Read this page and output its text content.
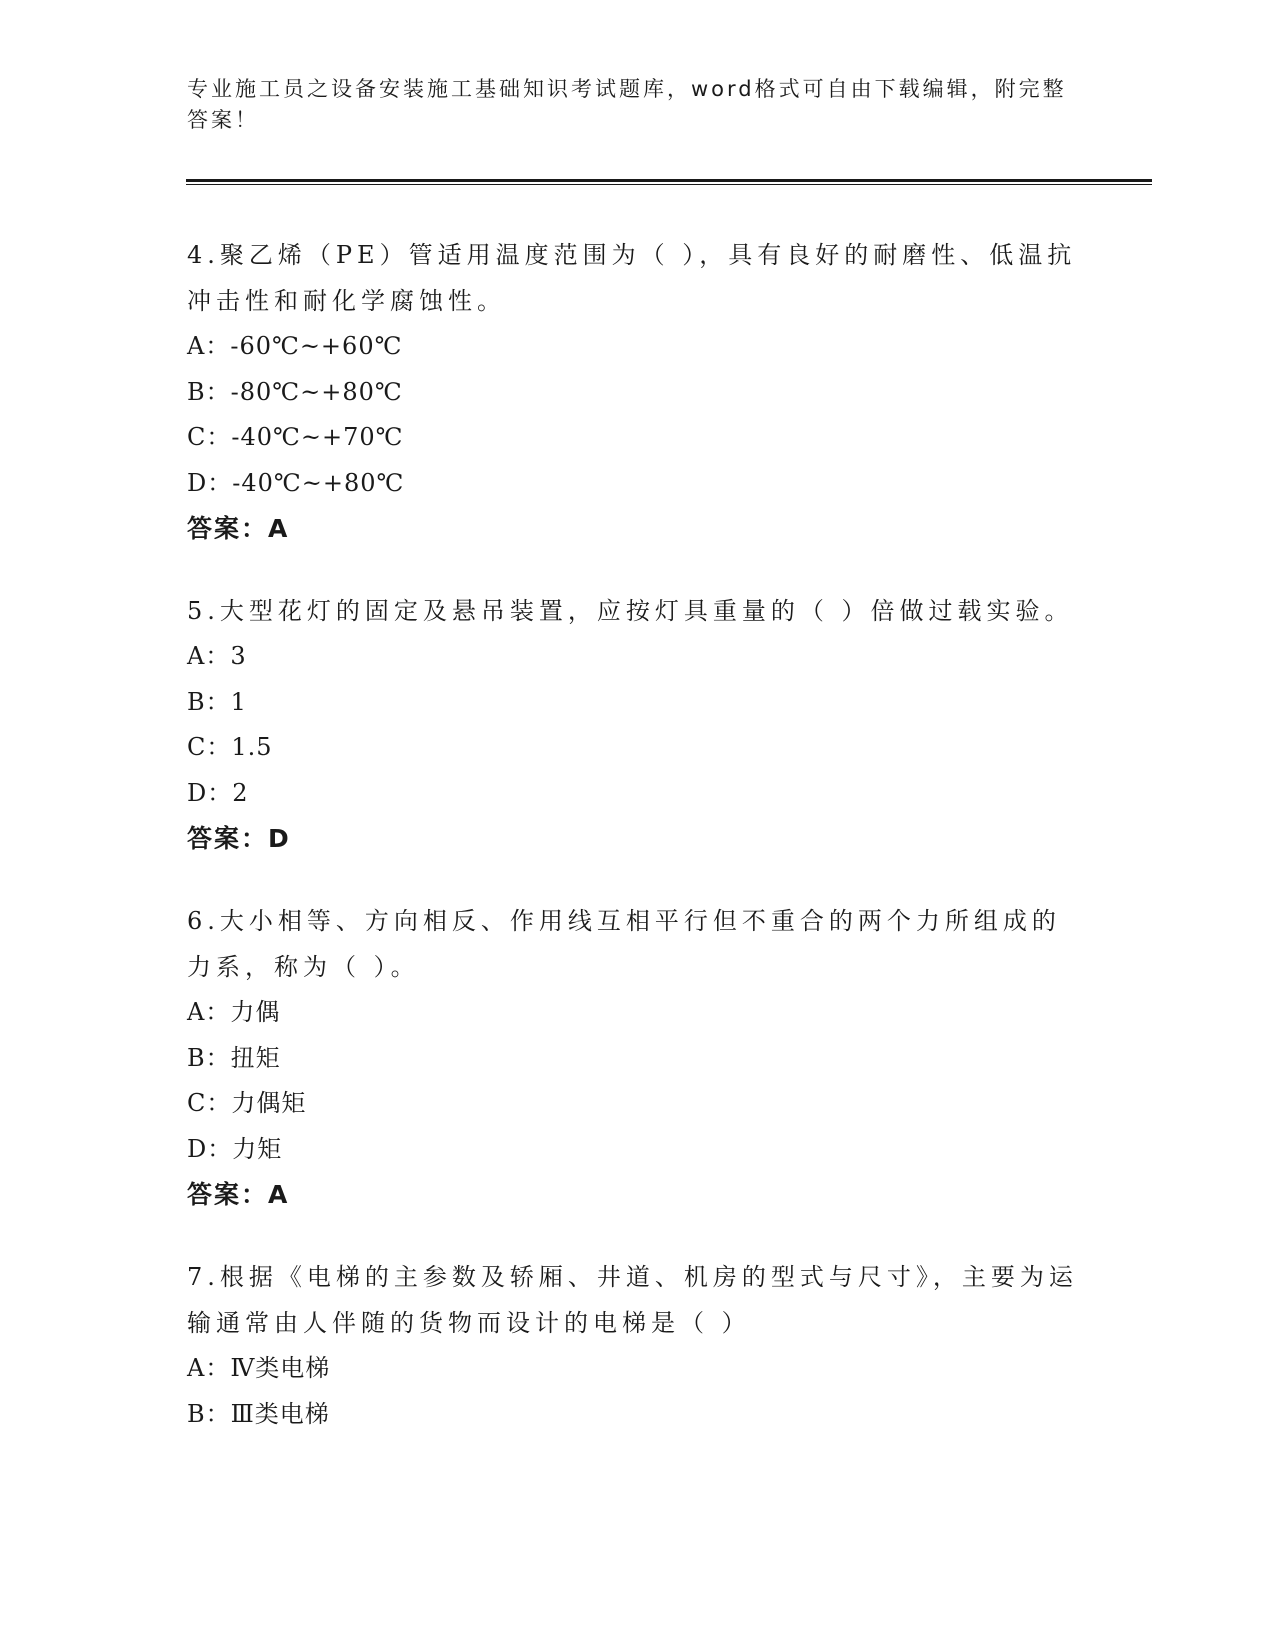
专业施工员之设备安装施工基础知识考试题库，word格式可自由下载编辑，附完整答案！

4.聚乙烯（PE）管适用温度范围为（ ），具有良好的耐磨性、低温抗冲击性和耐化学腐蚀性。

A：-60℃~+60℃

B：-80℃~+80℃

C：-40℃~+70℃

D：-40℃~+80℃

答案：A

5.大型花灯的固定及悬吊装置，应按灯具重量的（ ）倍做过载实验。

A：3

B：1

C：1.5

D：2

答案：D

6.大小相等、方向相反、作用线互相平行但不重合的两个力所组成的力系，称为（ ）。

A：力偶

B：扭矩

C：力偶矩

D：力矩

答案：A

7.根据《电梯的主参数及轿厢、井道、机房的型式与尺寸》，主要为运输通常由人伴随的货物而设计的电梯是（ ）

A：Ⅳ类电梯

B：Ⅲ类电梯
